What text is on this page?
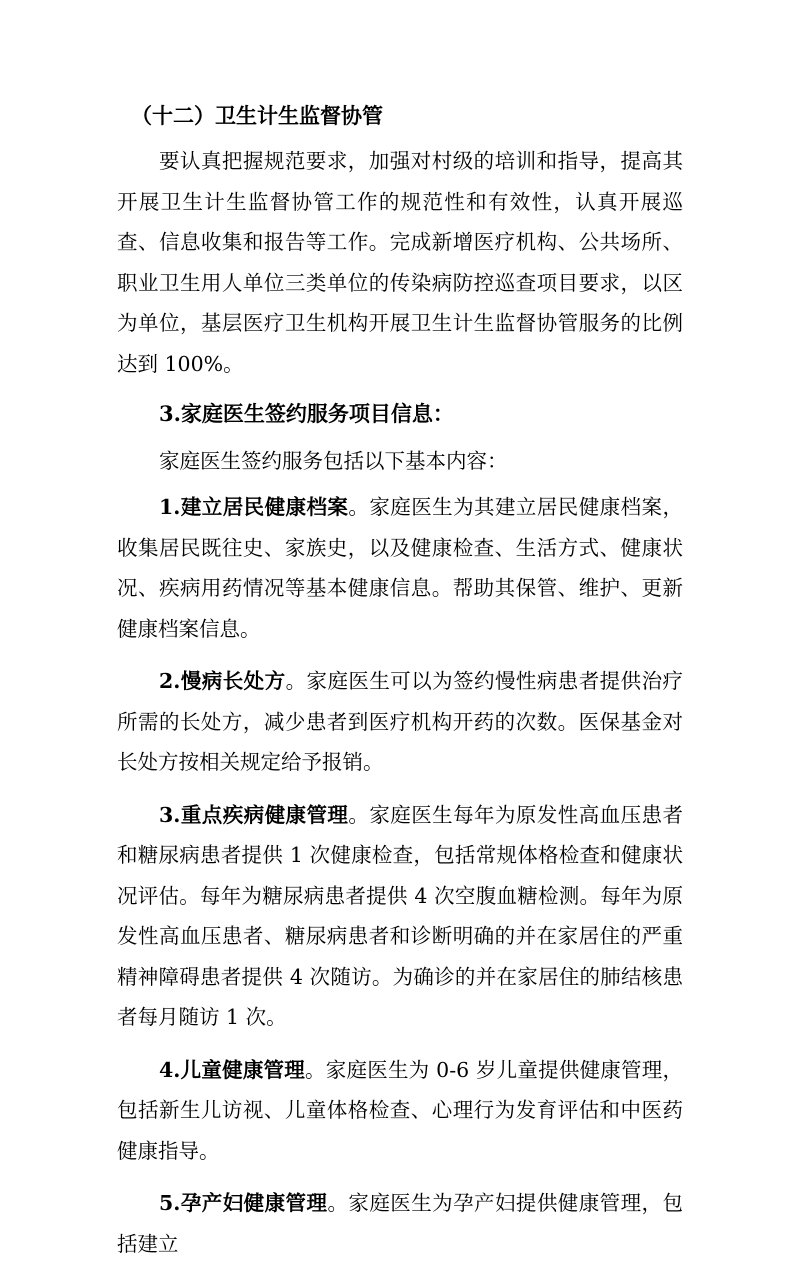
（十二）卫生计生监督协管

要认真把握规范要求，加强对村级的培训和指导，提高其开展卫生计生监督协管工作的规范性和有效性，认真开展巡查、信息收集和报告等工作。完成新增医疗机构、公共场所、职业卫生用人单位三类单位的传染病防控巡查项目要求，以区为单位，基层医疗卫生机构开展卫生计生监督协管服务的比例达到 100%。

3.家庭医生签约服务项目信息：

家庭医生签约服务包括以下基本内容：

1.建立居民健康档案。家庭医生为其建立居民健康档案，收集居民既往史、家族史，以及健康检查、生活方式、健康状况、疾病用药情况等基本健康信息。帮助其保管、维护、更新健康档案信息。

2.慢病长处方。家庭医生可以为签约慢性病患者提供治疗所需的长处方，减少患者到医疗机构开药的次数。医保基金对长处方按相关规定给予报销。

3.重点疾病健康管理。家庭医生每年为原发性高血压患者和糖尿病患者提供 1 次健康检查，包括常规体格检查和健康状况评估。每年为糖尿病患者提供 4 次空腹血糖检测。每年为原发性高血压患者、糖尿病患者和诊断明确的并在家居住的严重精神障碍患者提供 4 次随访。为确诊的并在家居住的肺结核患者每月随访 1 次。

4.儿童健康管理。家庭医生为 0-6 岁儿童提供健康管理，包括新生儿访视、儿童体格检查、心理行为发育评估和中医药健康指导。

5.孕产妇健康管理。家庭医生为孕产妇提供健康管理，包括建立
